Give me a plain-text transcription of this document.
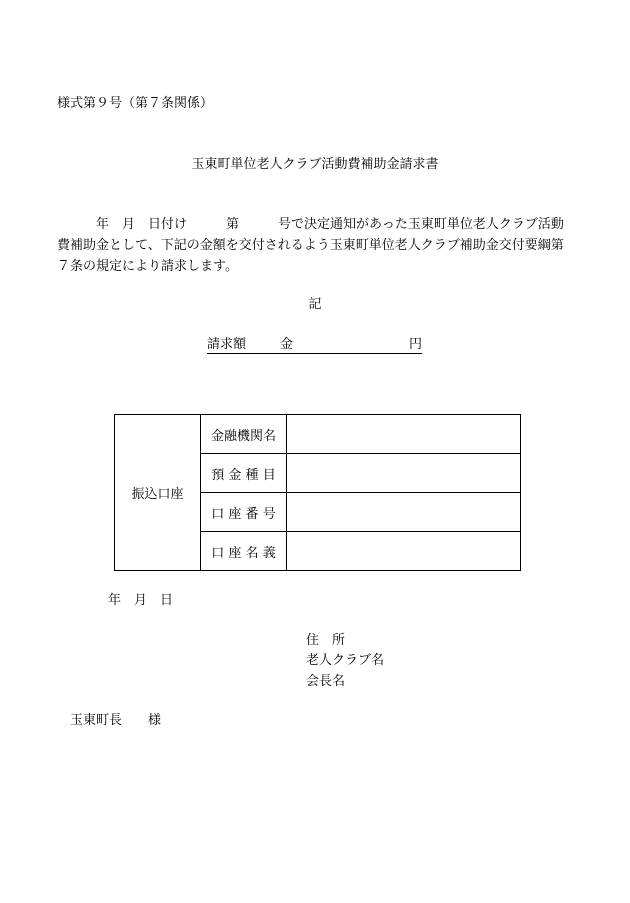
様式第９号（第７条関係）
玉東町単位老人クラブ活動費補助金請求書
　　　年　月　日付け　　　第　　　号で決定通知があった玉東町単位老人クラブ活動
費補助金として、下記の金額を交付されるよう玉東町単位老人クラブ補助金交付要綱第
７条の規定により請求します。
記
請求額	金	円
振込口座	金融機関名	
	預 金 種 目	
	口 座 番 号	
	口 座 名 義	
年　月　日
住　所
老人クラブ名
会長名
玉東町長　　様
